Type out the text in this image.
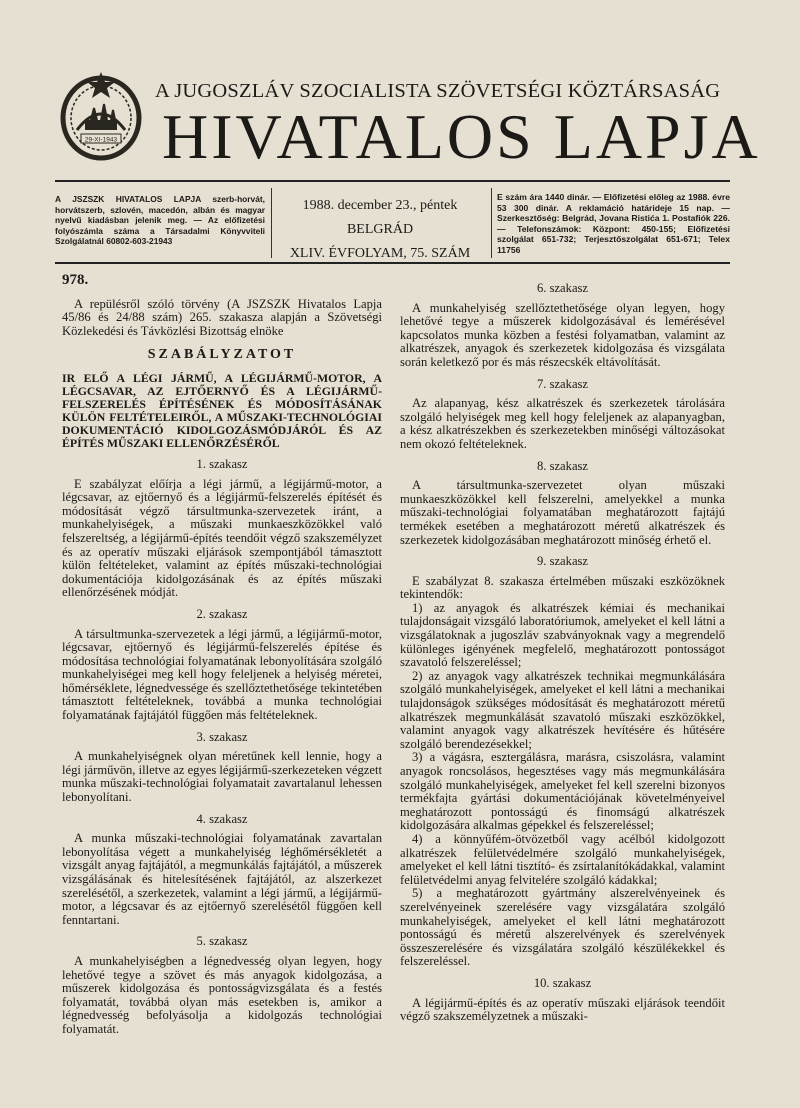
29-XI-1943
A JUGOSZLÁV SZOCIALISTA SZÖVETSÉGI KÖZTÁRSASÁG
HIVATALOS LAPJA
A JSZSZK HIVATALOS LAPJA szerb-horvát, horvátszerb, szlovén, macedón, albán és magyar nyelvű kiadásban jelenik meg. — Az előfizetési folyószámla száma a Társadalmi Könyvviteli Szolgálatnál 60802-603-21943
1988. december 23., péntek
BELGRÁD
XLIV. ÉVFOLYAM, 75. SZÁM
E szám ára 1440 dinár. — Előfizetési előleg az 1988. évre 53 300 dinár. A reklamáció határideje 15 nap. — Szerkesztőség: Belgrád, Jovana Ristića 1. Postafiók 226. — Telefonszámok: Központ: 450-155; Előfizetési szolgálat 651-732; Terjesztőszolgálat 651-671; Telex 11756

978.

A repülésről szóló törvény (A JSZSZK Hivatalos Lapja 45/86 és 24/88 szám) 265. szakasza alapján a Szövetségi Közlekedési és Távközlési Bizottság elnöke

SZABÁLYZATOT

IR ELŐ A LÉGI JÁRMŰ, A LÉGIJÁRMŰ-MOTOR, A LÉGCSAVAR, AZ EJTŐERNYŐ ÉS A LÉGIJÁRMŰ-FELSZERELÉS ÉPÍTÉSÉNEK ÉS MÓDOSÍTÁSÁNAK KÜLÖN FELTÉTELEIRŐL, A MŰSZAKI-TECHNOLÓGIAI DOKUMENTÁCIÓ KIDOLGOZÁSMÓDJÁRÓL ÉS AZ ÉPÍTÉS MŰSZAKI ELLENŐRZÉSÉRŐL

1. szakasz

E szabályzat előírja a légi jármű, a légijármű-motor, a légcsavar, az ejtőernyő és a légijármű-felszerelés építését és módosítását végző társultmunka-szervezetek iránt, a munkahelyiségek, a műszaki munkaeszközökkel való felszereltség, a légijármű-építés teendőit végző szakszemélyzet és az operatív műszaki eljárások szempontjából támasztott külön feltételeket, valamint az építés műszaki-technológiai dokumentációja kidolgozásának és az építés műszaki ellenőrzésének módját.

2. szakasz

A társultmunka-szervezetek a légi jármű, a légijármű-motor, légcsavar, ejtőernyő és légijármű-felszerelés építése és módosítása technológiai folyamatának lebonyolítására szolgáló munkahelyiségei meg kell hogy feleljenek a helyiség méretei, hőmérséklete, légnedvessége és szellőztethetősége tekintetében támasztott feltételeknek, továbbá a munka technológiai folyamatának fajtájától függően más feltételeknek.

3. szakasz

A munkahelyiségnek olyan méretűnek kell lennie, hogy a légi járművön, illetve az egyes légijármű-szerkezeteken végzett munka műszaki-technológiai folyamatait zavartalanul lehessen lebonyolítani.

4. szakasz

A munka műszaki-technológiai folyamatának zavartalan lebonyolítása végett a munkahelyiség léghőmérsékletét a vizsgált anyag fajtájától, a megmunkálás fajtájától, a műszerek vizsgálásának és hitelesítésének fajtájától, az alszerkezet szerelésétől, a szerkezetek, valamint a légi jármű, a légijármű-motor, a légcsavar és az ejtőernyő szerelésétől függően kell fenntartani.

5. szakasz

A munkahelyiségben a légnedvesség olyan legyen, hogy lehetővé tegye a szövet és más anyagok kidolgozása, a műszerek kidolgozása és pontosságvizsgálata és a festés folyamatát, továbbá olyan más esetekben is, amikor a légnedvesség befolyásolja a kidolgozás technológiai folyamatát.

6. szakasz

A munkahelyiség szellőztethetősége olyan legyen, hogy lehetővé tegye a műszerek kidolgozásával és lemérésével kapcsolatos munka közben a festési folyamatban, valamint az alkatrészek, anyagok és szerkezetek kidolgozása és vizsgálata során keletkező por és más részecskék eltávolítását.

7. szakasz

Az alapanyag, kész alkatrészek és szerkezetek tárolására szolgáló helyiségek meg kell hogy feleljenek az alapanyagban, a kész alkatrészekben és szerkezetekben minőségi változásokat nem okozó feltételeknek.

8. szakasz

A társultmunka-szervezetet olyan műszaki munkaeszközökkel kell felszerelni, amelyekkel a munka műszaki-technológiai folyamatában meghatározott fajtájú termékek esetében a meghatározott méretű alkatrészek és szerkezetek kidolgozásában meghatározott minőség érhető el.

9. szakasz

E szabályzat 8. szakasza értelmében műszaki eszközöknek tekintendők:

1) az anyagok és alkatrészek kémiai és mechanikai tulajdonságait vizsgáló laboratóriumok, amelyeket el kell látni a vizsgálatoknak a jugoszláv szabványoknak vagy a megrendelő különleges igényének megfelelő, meghatározott pontosságot szavatoló felszereléssel;

2) az anyagok vagy alkatrészek technikai megmunkálására szolgáló munkahelyiségek, amelyeket el kell látni a mechanikai tulajdonságok szükséges módosítását és meghatározott méretű alkatrészek megmunkálását szavatoló műszaki eszközökkel, valamint anyagok vagy alkatrészek hevítésére és hűtésére szolgáló berendezésekkel;

3) a vágásra, esztergálásra, marásra, csiszolásra, valamint anyagok roncsolásos, hegesztéses vagy más megmunkálására szolgáló munkahelyiségek, amelyeket fel kell szerelni bizonyos termékfajta gyártási dokumentációjának követelményeivel meghatározott pontosságú és finomságú alkatrészek kidolgozására alkalmas gépekkel és felszereléssel;

4) a könnyűfém-ötvözetből vagy acélból kidolgozott alkatrészek felületvédelmére szolgáló munkahelyiségek, amelyeket el kell látni tisztító- és zsírtalanítókádakkal, valamint felületvédelmi anyag felvitelére szolgáló kádakkal;

5) a meghatározott gyártmány alszerelvényeinek és szerelvényeinek szerelésére vagy vizsgálatára szolgáló munkahelyiségek, amelyeket el kell látni meghatározott pontosságú és méretű alszerelvények és szerelvények összeszerelésére és vizsgálatára szolgáló készülékekkel és felszereléssel.

10. szakasz

A légijármű-építés és az operatív műszaki eljárások teendőit végző szakszemélyzetnek a műszaki-
